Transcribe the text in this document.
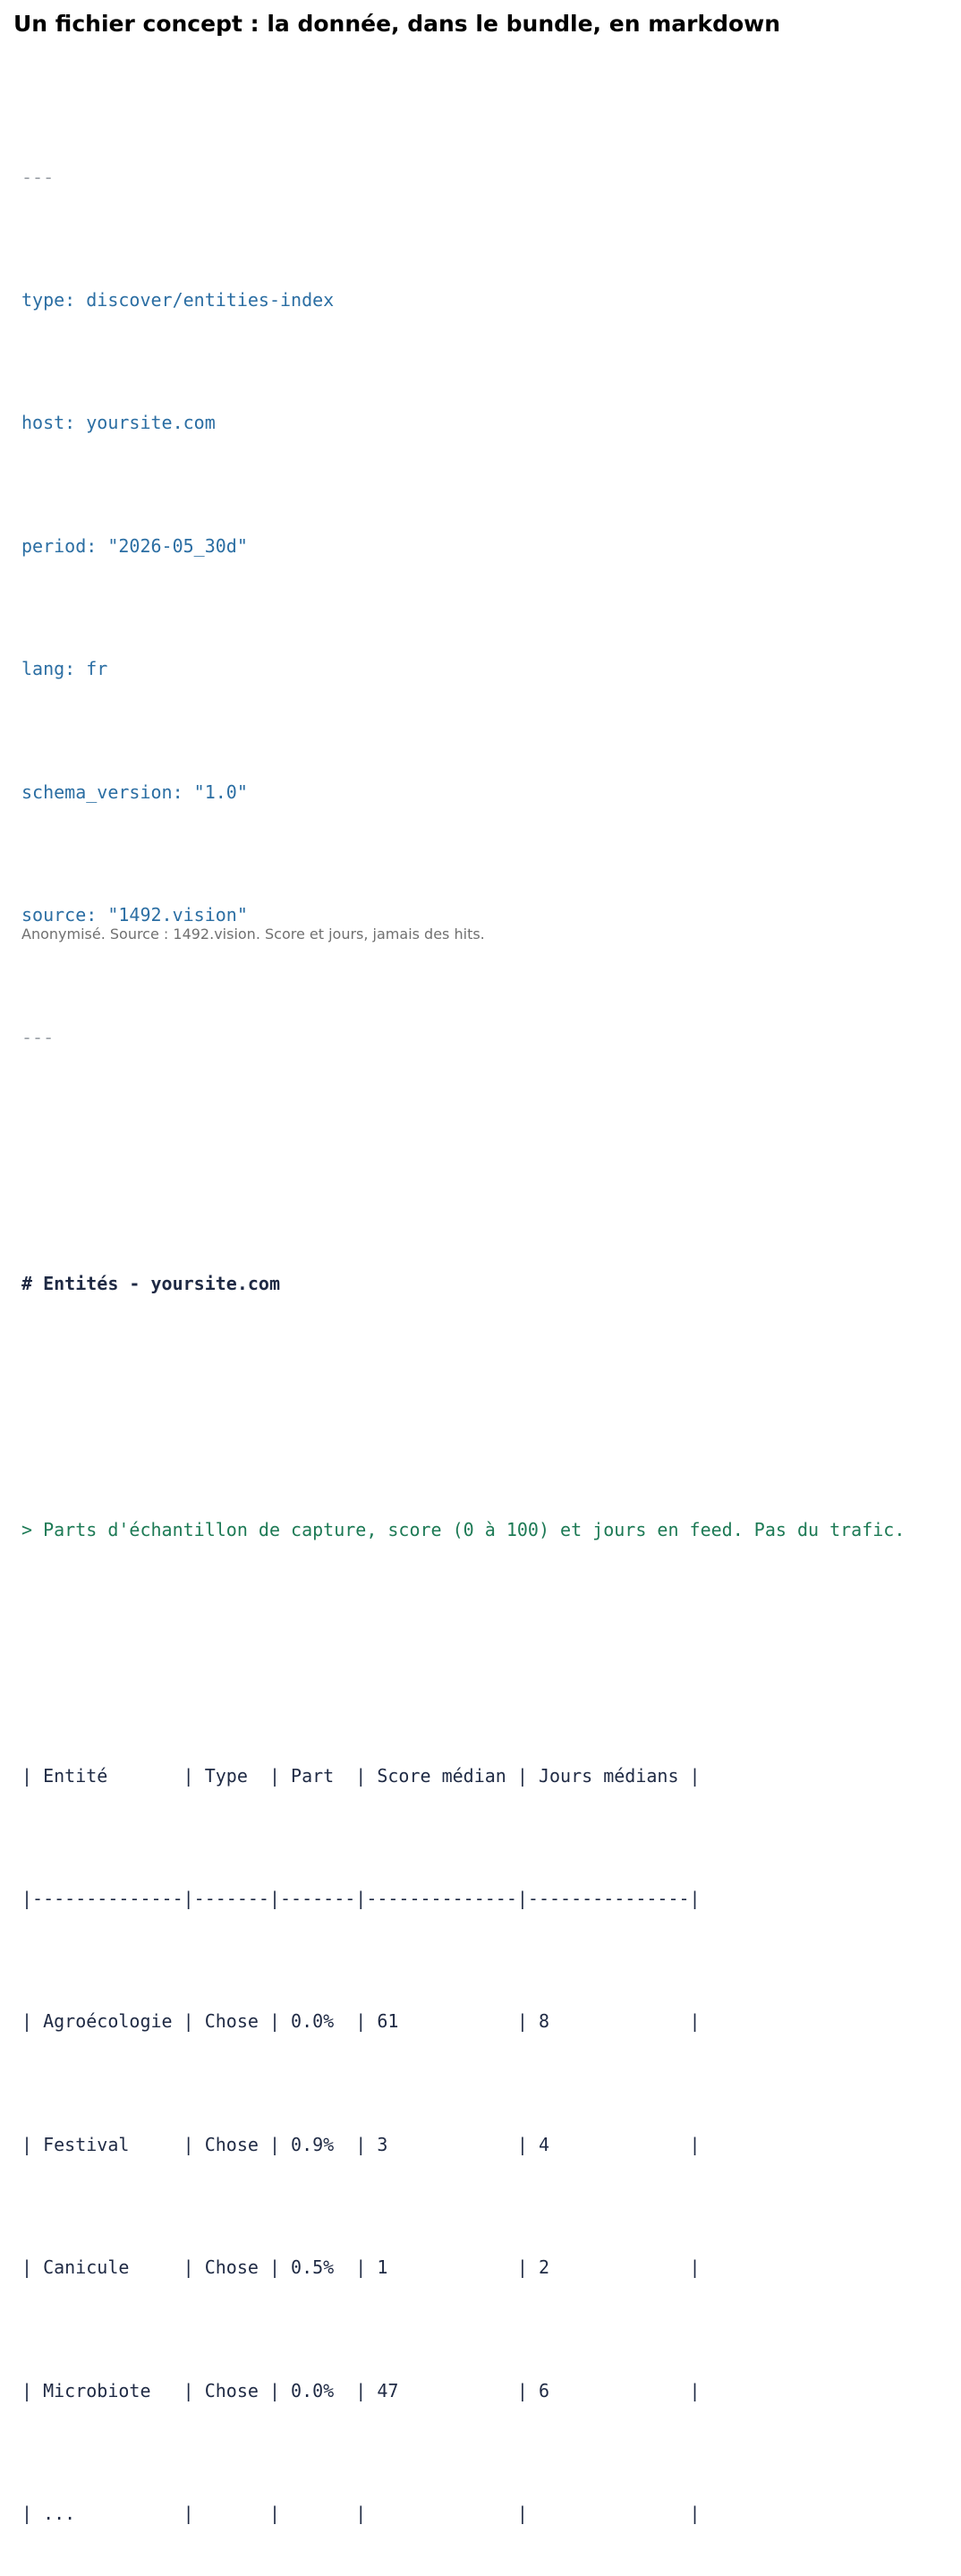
Un fichier concept : la donnée, dans le bundle, en markdown

---

type: discover/entities-index

host: yoursite.com

period: "2026-05_30d"

lang: fr

schema_version: "1.0"

source: "1492.vision"

---

# Entités - yoursite.com

> Parts d'échantillon de capture, score (0 à 100) et jours en feed. Pas du trafic.

| Entité       | Type  | Part  | Score médian | Jours médians |

|--------------|-------|-------|--------------|---------------|

| Agroécologie | Chose | 0.0%  | 61           | 8             |

| Festival     | Chose | 0.9%  | 3            | 4             |

| Canicule     | Chose | 0.5%  | 1            | 2             |

| Microbiote   | Chose | 0.0%  | 47           | 6             |

| ...          |       |       |              |               |

Anonymisé. Source : 1492.vision. Score et jours, jamais des hits.
